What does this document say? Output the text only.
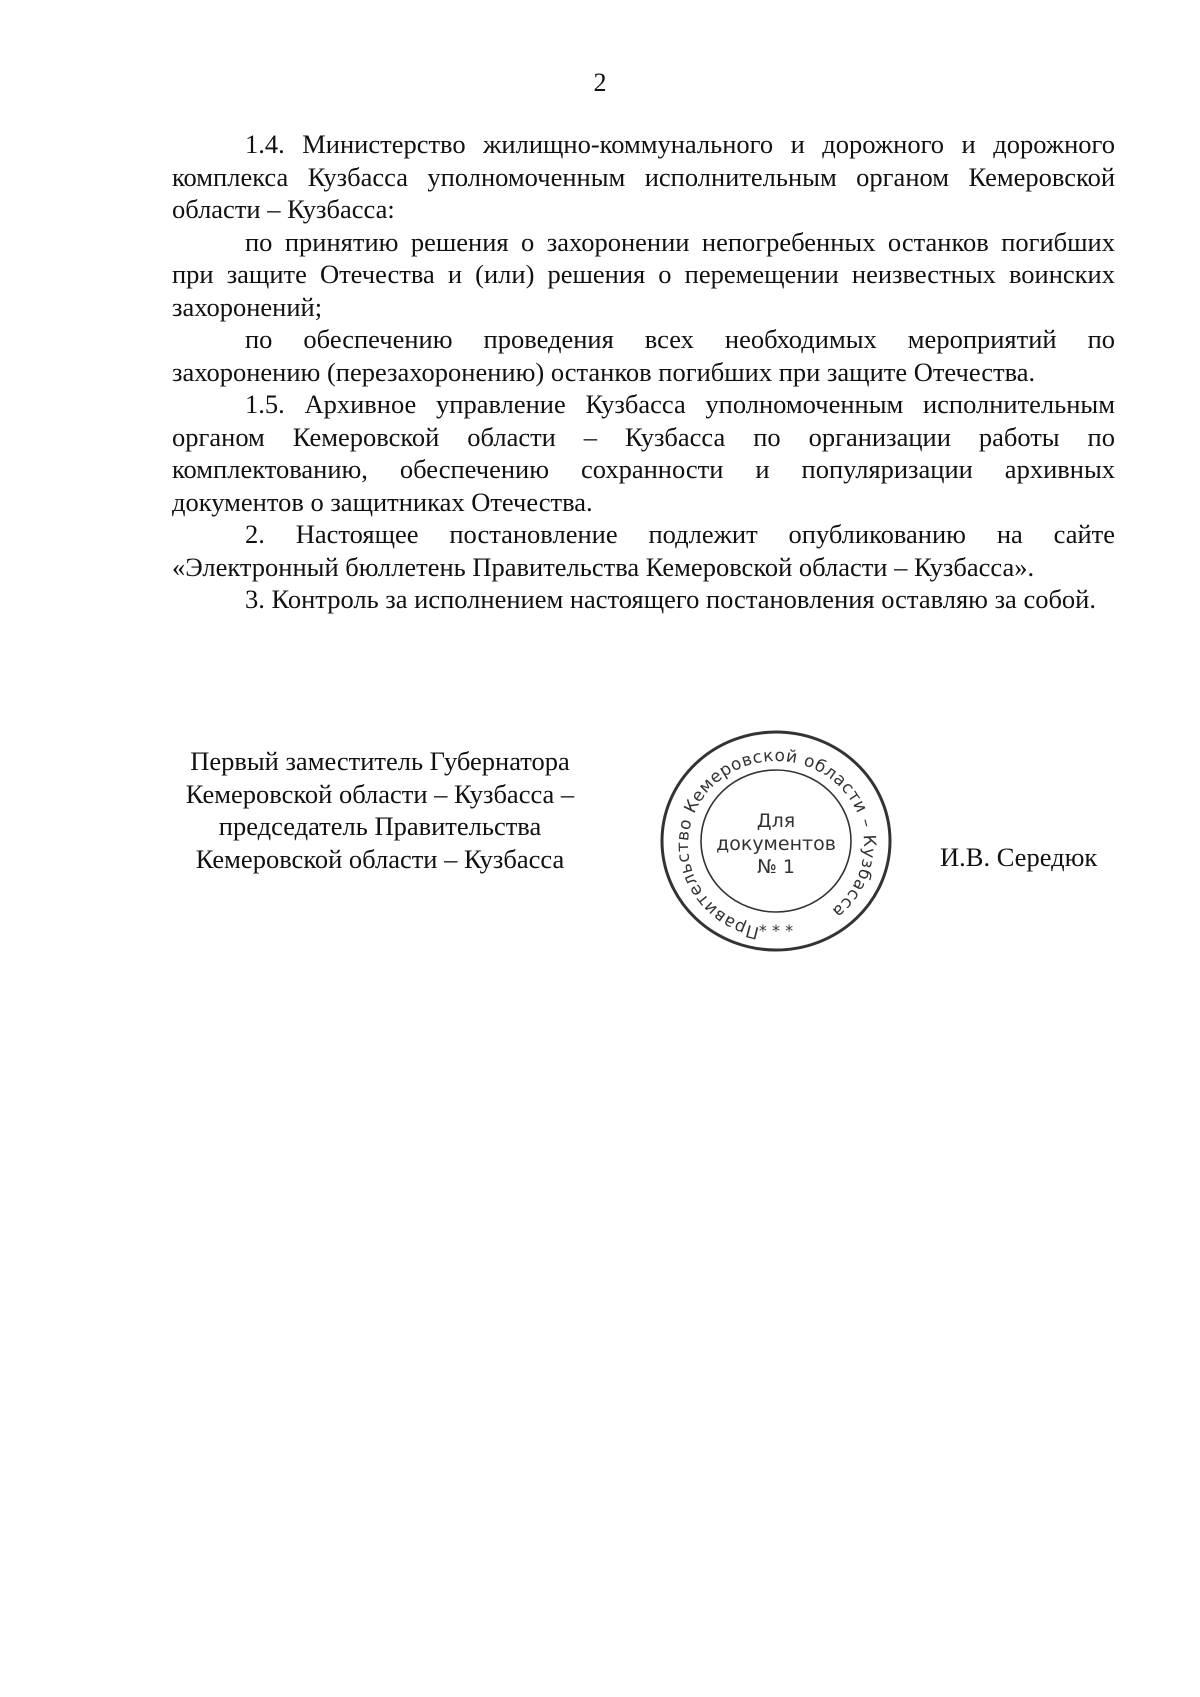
2

1.4. Министерство жилищно-коммунального и дорожного и дорожного комплекса Кузбасса уполномоченным исполнительным органом Кемеровской области – Кузбасса:

по принятию решения о захоронении непогребенных останков погибших при защите Отечества и (или) решения о перемещении неизвестных воинских захоронений;

по обеспечению проведения всех необходимых мероприятий по захоронению (перезахоронению) останков погибших при защите Отечества.

1.5. Архивное управление Кузбасса уполномоченным исполнительным органом Кемеровской области – Кузбасса по организации работы по комплектованию, обеспечению сохранности и популяризации архивных документов о защитниках Отечества.

2. Настоящее постановление подлежит опубликованию на сайте «Электронный бюллетень Правительства Кемеровской области – Кузбасса».

3. Контроль за исполнением настоящего постановления оставляю за собой.

Первый заместитель Губернатора
Кемеровской области – Кузбасса –
председатель Правительства
Кемеровской области – Кузбасса
Правительство Кемеровской области – Кузбасса
Для
документов
№ 1
* * *
И.В. Середюк
